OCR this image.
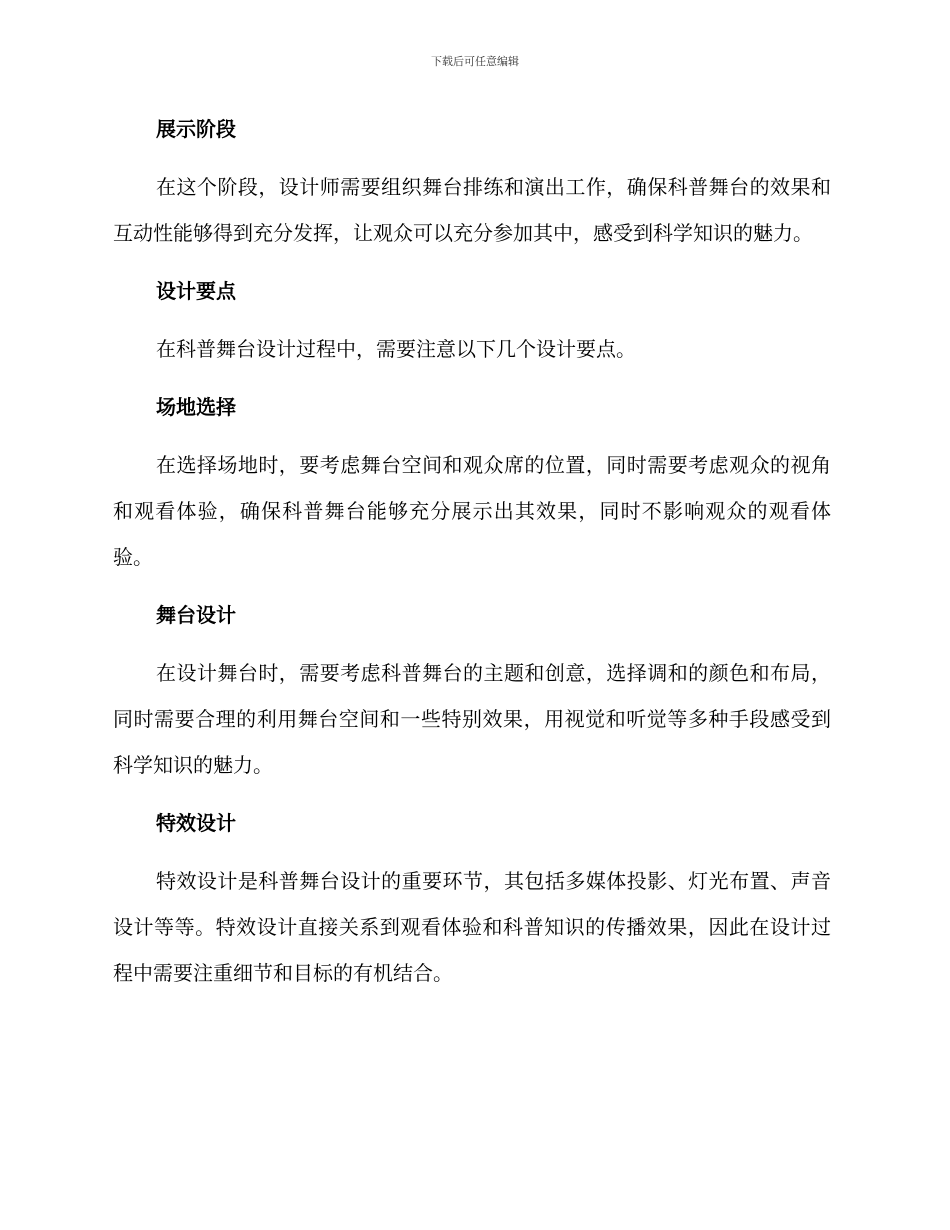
下载后可任意编辑
展示阶段

在这个阶段，设计师需要组织舞台排练和演出工作，确保科普舞台的效果和互动性能够得到充分发挥，让观众可以充分参加其中，感受到科学知识的魅力。

设计要点

在科普舞台设计过程中，需要注意以下几个设计要点。

场地选择

在选择场地时，要考虑舞台空间和观众席的位置，同时需要考虑观众的视角和观看体验，确保科普舞台能够充分展示出其效果，同时不影响观众的观看体验。

舞台设计

在设计舞台时，需要考虑科普舞台的主题和创意，选择调和的颜色和布局，同时需要合理的利用舞台空间和一些特别效果，用视觉和听觉等多种手段感受到科学知识的魅力。

特效设计

特效设计是科普舞台设计的重要环节，其包括多媒体投影、灯光布置、声音设计等等。特效设计直接关系到观看体验和科普知识的传播效果，因此在设计过程中需要注重细节和目标的有机结合。
